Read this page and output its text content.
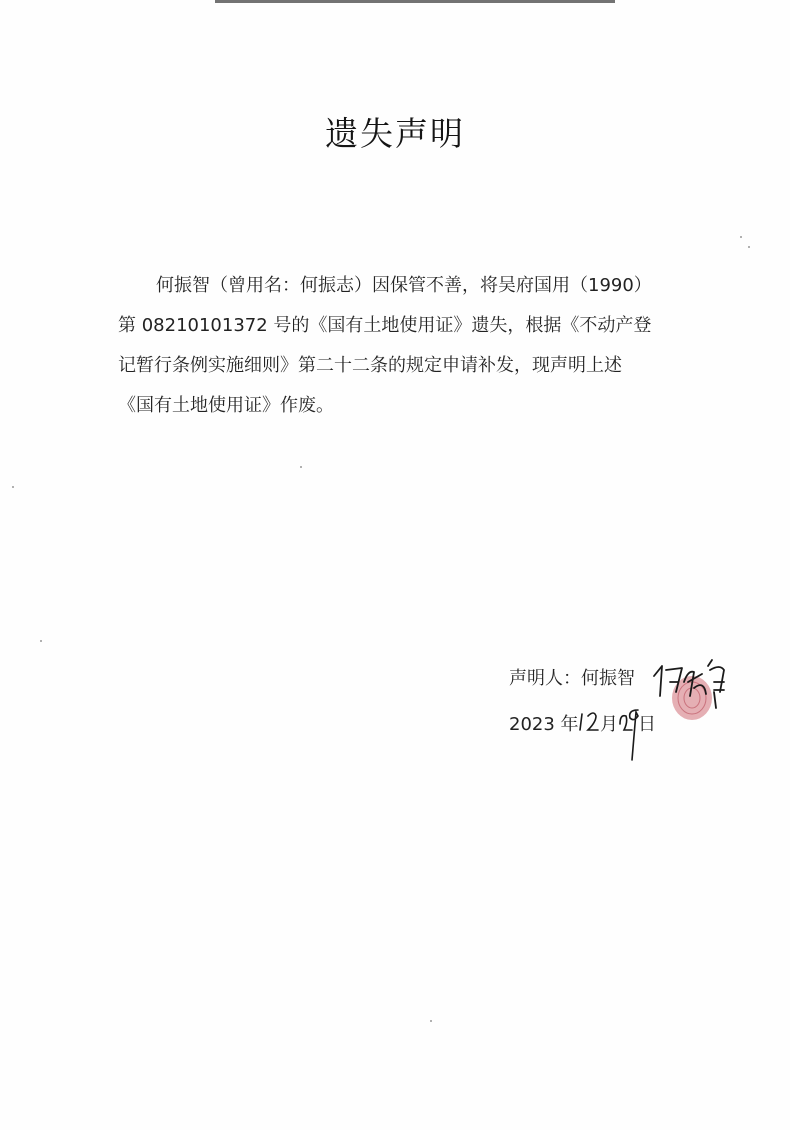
遗失声明
何振智（曾用名：何振志）因保管不善，将吴府国用（1990）
第 08210101372 号的《国有土地使用证》遗失，根据《不动产登
记暂行条例实施细则》第二十二条的规定申请补发，现声明上述
《国有土地使用证》作废。
声明人：何振智
2023 年 月 日
